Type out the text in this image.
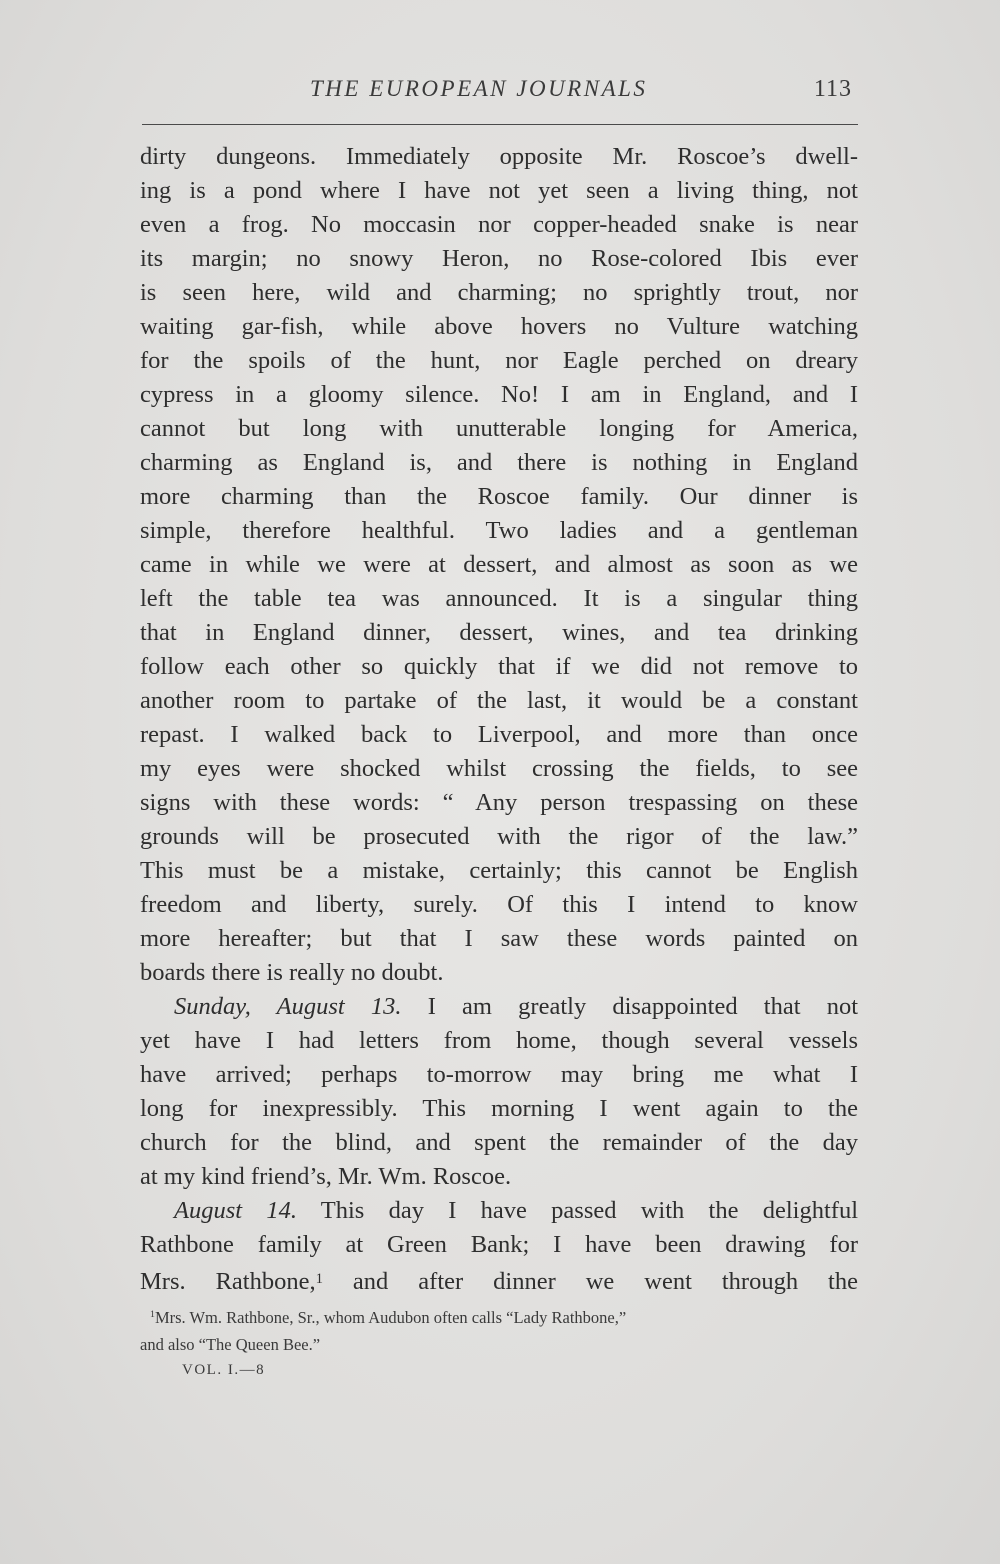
THE EUROPEAN JOURNALS	113
dirty dungeons. Immediately opposite Mr. Roscoe’s dwell-
ing is a pond where I have not yet seen a living thing, not
even a frog. No moccasin nor copper-headed snake is near
its margin; no snowy Heron, no Rose-colored Ibis ever
is seen here, wild and charming; no sprightly trout, nor
waiting gar-fish, while above hovers no Vulture watching
for the spoils of the hunt, nor Eagle perched on dreary
cypress in a gloomy silence. No! I am in England, and I
cannot but long with unutterable longing for America,
charming as England is, and there is nothing in England
more charming than the Roscoe family. Our dinner is
simple, therefore healthful. Two ladies and a gentleman
came in while we were at dessert, and almost as soon as we
left the table tea was announced. It is a singular thing
that in England dinner, dessert, wines, and tea drinking
follow each other so quickly that if we did not remove to
another room to partake of the last, it would be a constant
repast. I walked back to Liverpool, and more than once
my eyes were shocked whilst crossing the fields, to see
signs with these words: “ Any person trespassing on these
grounds will be prosecuted with the rigor of the law.”
This must be a mistake, certainly; this cannot be English
freedom and liberty, surely. Of this I intend to know
more hereafter; but that I saw these words painted on
boards there is really no doubt.
Sunday, August 13. I am greatly disappointed that not
yet have I had letters from home, though several vessels
have arrived; perhaps to-morrow may bring me what I
long for inexpressibly. This morning I went again to the
church for the blind, and spent the remainder of the day
at my kind friend’s, Mr. Wm. Roscoe.
August 14. This day I have passed with the delightful
Rathbone family at Green Bank; I have been drawing for
Mrs. Rathbone,$^1$ and after dinner we went through the
$^1$Mrs. Wm. Rathbone, Sr., whom Audubon often calls “Lady Rathbone,”
and also “The Queen Bee.”
VOL. I.—8
